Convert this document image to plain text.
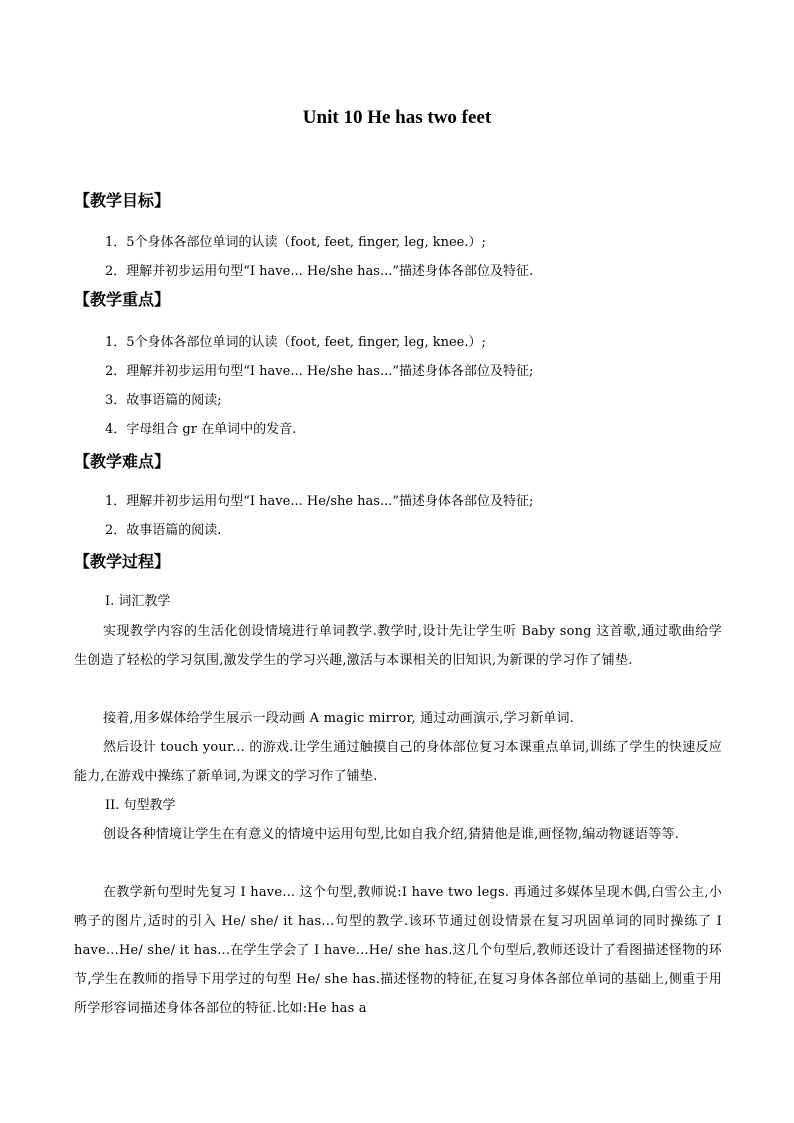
Unit 10 He has two feet
【教学目标】
1．5个身体各部位单词的认读（foot, feet, finger, leg, knee.）;
2．理解并初步运用句型“I have... He/she has...”描述身体各部位及特征.
【教学重点】
1．5个身体各部位单词的认读（foot, feet, finger, leg, knee.）;
2．理解并初步运用句型“I have... He/she has...”描述身体各部位及特征;
3．故事语篇的阅读;
4．字母组合 gr 在单词中的发音.
【教学难点】
1．理解并初步运用句型“I have... He/she has...”描述身体各部位及特征;
2．故事语篇的阅读.
【教学过程】
I. 词汇教学
实现教学内容的生活化创设情境进行单词教学.教学时,设计先让学生听 Baby song 这首歌,通过歌曲给学生创造了轻松的学习氛围,激发学生的学习兴趣,激活与本课相关的旧知识,为新课的学习作了铺垫.
接着,用多媒体给学生展示一段动画 A magic mirror, 通过动画演示,学习新单词.
然后设计 touch your... 的游戏.让学生通过触摸自己的身体部位复习本课重点单词,训练了学生的快速反应能力,在游戏中操练了新单词,为课文的学习作了铺垫.
II. 句型教学
创设各种情境让学生在有意义的情境中运用句型,比如自我介绍,猜猜他是谁,画怪物,编动物谜语等等.
在教学新句型时先复习 I have... 这个句型,教师说:I have two legs. 再通过多媒体呈现木偶,白雪公主,小鸭子的图片,适时的引入 He/ she/ it has...句型的教学.该环节通过创设情景在复习巩固单词的同时操练了 I have...He/ she/ it has...在学生学会了 I have...He/ she has.这几个句型后,教师还设计了看图描述怪物的环节,学生在教师的指导下用学过的句型 He/ she has.描述怪物的特征,在复习身体各部位单词的基础上,侧重于用所学形容词描述身体各部位的特征.比如:He has a
